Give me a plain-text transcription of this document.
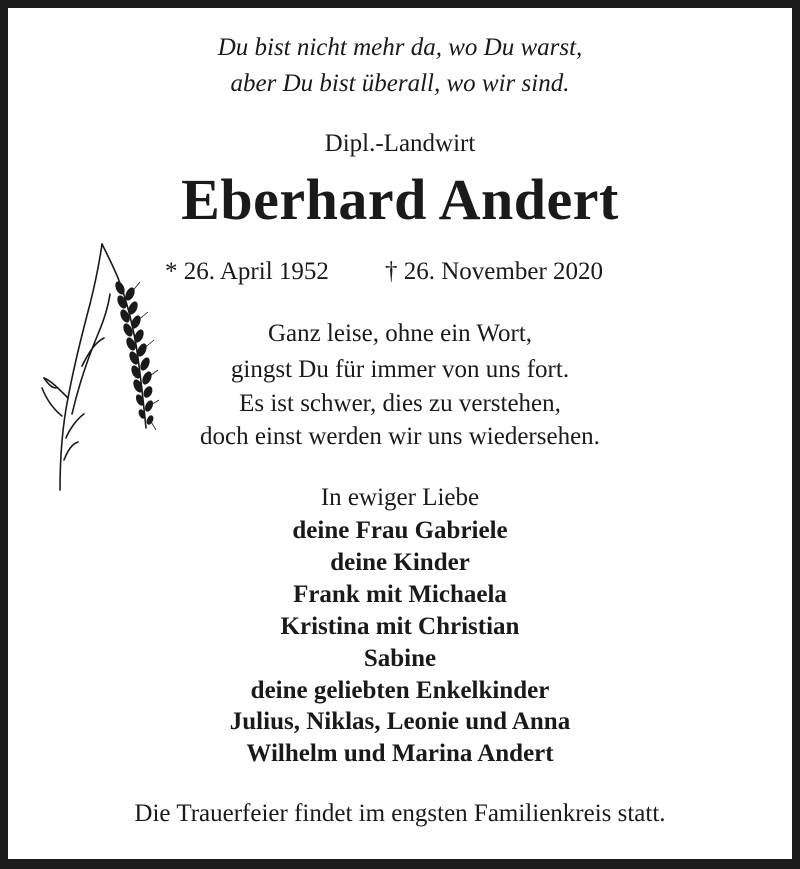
Du bist nicht mehr da, wo Du warst,
aber Du bist überall, wo wir sind.
Dipl.-Landwirt
Eberhard Andert
* 26. April 1952 † 26. November 2020
Ganz leise, ohne ein Wort,
gingst Du für immer von uns fort.
Es ist schwer, dies zu verstehen,
doch einst werden wir uns wiedersehen.
In ewiger Liebe
deine Frau Gabriele
deine Kinder
Frank mit Michaela
Kristina mit Christian
Sabine
deine geliebten Enkelkinder
Julius, Niklas, Leonie und Anna
Wilhelm und Marina Andert
Die Trauerfeier findet im engsten Familienkreis statt.
